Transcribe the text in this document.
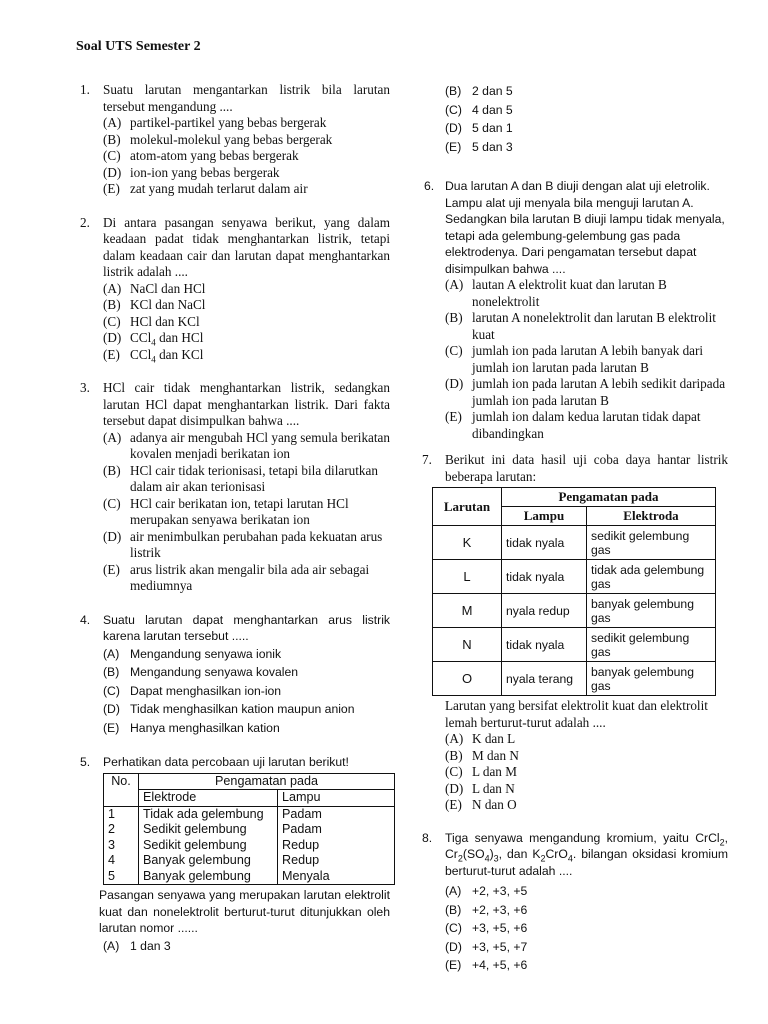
Soal UTS Semester 2
1. Suatu larutan mengantarkan listrik bila larutan tersebut mengandung ....
(A) partikel-partikel yang bebas bergerak
(B) molekul-molekul yang bebas bergerak
(C) atom-atom yang bebas bergerak
(D) ion-ion yang bebas bergerak
(E) zat yang mudah terlarut dalam air
2. Di antara pasangan senyawa berikut, yang dalam keadaan padat tidak menghantarkan listrik, tetapi dalam keadaan cair dan larutan dapat menghantarkan listrik adalah ....
(A) NaCl dan HCl
(B) KCl dan NaCl
(C) HCl dan KCl
(D) CCl$_4$ dan HCl
(E) CCl$_4$ dan KCl
3. HCl cair tidak menghantarkan listrik, sedangkan larutan HCl dapat menghantarkan listrik. Dari fakta tersebut dapat disimpulkan bahwa ....
(A) adanya air mengubah HCl yang semula berikatan kovalen menjadi berikatan ion
(B) HCl cair tidak terionisasi, tetapi bila dilarutkan dalam air akan terionisasi
(C) HCl cair berikatan ion, tetapi larutan HCl merupakan senyawa berikatan ion
(D) air menimbulkan perubahan pada kekuatan arus listrik
(E) arus listrik akan mengalir bila ada air sebagai mediumnya
4. Suatu larutan dapat menghantarkan arus listrik karena larutan tersebut .....
(A) Mengandung senyawa ionik
(B) Mengandung senyawa kovalen
(C) Dapat menghasilkan ion-ion
(D) Tidak menghasilkan kation maupun anion
(E) Hanya menghasilkan kation
5. Perhatikan data percobaan uji larutan berikut!
No.	Pengamatan pada	
	Elektrode	Lampu
1	Tidak ada gelembung	Padam
2	Sedikit gelembung	Padam
3	Sedikit gelembung	Redup
4	Banyak gelembung	Redup
5	Banyak gelembung	Menyala
Pasangan senyawa yang merupakan larutan elektrolit kuat dan nonelektrolit berturut-turut ditunjukkan oleh larutan nomor ......
(A) 1 dan 3
(B) 2 dan 5
(C) 4 dan 5
(D) 5 dan 1
(E) 5 dan 3
6. Dua larutan A dan B diuji dengan alat uji eletrolik. Lampu alat uji menyala bila menguji larutan A. Sedangkan bila larutan B diuji lampu tidak menyala, tetapi ada gelembung-gelembung gas pada elektrodenya. Dari pengamatan tersebut dapat disimpulkan bahwa ....
(A) lautan A elektrolit kuat dan larutan B nonelektrolit
(B) larutan A nonelektrolit dan larutan B elektrolit kuat
(C) jumlah ion pada larutan A lebih banyak dari jumlah ion larutan pada larutan B
(D) jumlah ion pada larutan A lebih sedikit daripada jumlah ion pada larutan B
(E) jumlah ion dalam kedua larutan tidak dapat dibandingkan
7. Berikut ini data hasil uji coba daya hantar listrik beberapa larutan:
Larutan	Pengamatan pada	
	Lampu	Elektroda
K	tidak nyala	sedikit gelembung gas
L	tidak nyala	tidak ada gelembung gas
M	nyala redup	banyak gelembung gas
N	tidak nyala	sedikit gelembung gas
O	nyala terang	banyak gelembung gas
Larutan yang bersifat elektrolit kuat dan elektrolit lemah berturut-turut adalah ....
(A) K dan L
(B) M dan N
(C) L dan M
(D) L dan N
(E) N dan O
8. Tiga senyawa mengandung kromium, yaitu CrCl$_2$, $Cr_2(SO_4)_3$, dan $K_2CrO_4$. bilangan oksidasi kromium berturut-turut adalah ....
(A) +2, +3, +5
(B) +2, +3, +6
(C) +3, +5, +6
(D) +3, +5, +7
(E) +4, +5, +6
